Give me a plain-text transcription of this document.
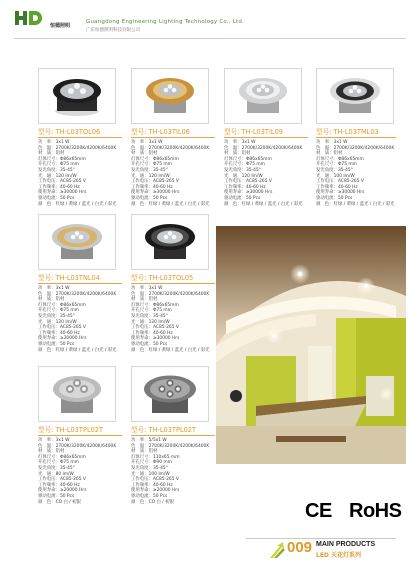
恒德照明
Guangdong Engineering Lighting Technology Co., Ltd.
广东恒德照明科技有限公司
型号: TH-L03TOL06
功　率：3x1 W
色　温：2700K/3200K/4200K/6400K
材　质：铝材
灯体尺寸：Φ86x65mm
开孔尺寸：Φ75 mm
发光角度：35-45°
光　通：120 lm/W
工作电压：AC85-265 V
工作频率：40-60 Hz
使用寿命：≥30000 Hrs
驱动电流：50 Pcs
颜　色：红绿 / 黄绿 / 蓝光 / 白光 / 彩光
型号: TH-L03TIL06
功　率：3x1 W
色　温：2700K/3200K/4200K/6400K
材　质：铝材
灯体尺寸：Φ86x65mm
开孔尺寸：Φ75 mm
发光角度：35-45°
光　通：120 lm/W
工作电压：AC85-265 V
工作频率：40-60 Hz
使用寿命：≥30000 Hrs
驱动电流：50 Pcs
颜　色：红绿 / 黄绿 / 蓝光 / 白光 / 彩光
型号: TH-L03TIL09
功　率：3x1 W
色　温：2700K/3200K/4200K/6400K
材　质：铝材
灯体尺寸：Φ86x65mm
开孔尺寸：Φ75 mm
发光角度：35-45°
光　通：120 lm/W
工作电压：AC85-265 V
工作频率：40-60 Hz
使用寿命：≥30000 Hrs
驱动电流：50 Pcs
颜　色：红绿 / 黄绿 / 蓝光 / 白光 / 彩光
型号: TH-L03TML03
功　率：3x1 W
色　温：2700K/3200K/4200K/6400K
材　质：铝材
灯体尺寸：Φ86x65mm
开孔尺寸：Φ75 mm
发光角度：35-45°
光　通：100 lm/W
工作电压：AC85-265 V
工作频率：40-60 Hz
使用寿命：≥30000 Hrs
驱动电流：50 Pcs
颜　色：红绿 / 黄绿 / 蓝光 / 白光 / 彩光
型号: TH-L03TNL04
功　率：3x1 W
色　温：2700K/3200K/4200K/6400K
材　质：铝材
灯体尺寸：Φ86x65mm
开孔尺寸：Φ75 mm
发光角度：35-45°
光　通：120 lm/W
工作电压：AC85-265 V
工作频率：40-60 Hz
使用寿命：≥30000 Hrs
驱动电流：50 Pcs
颜　色：红绿 / 黄绿 / 蓝光 / 白光 / 彩光
型号: TH-L03TOL05
功　率：3x1 W
色　温：2700K/3200K/4200K/6400K
材　质：铝材
灯体尺寸：Φ86x65mm
开孔尺寸：Φ75 mm
发光角度：35-45°
光　通：120 lm/W
工作电压：AC85-265 V
工作频率：40-60 Hz
使用寿命：≥30000 Hrs
驱动电流：50 Pcs
颜　色：红绿 / 黄绿 / 蓝光 / 白光 / 彩光
型号: TH-L03TPL02T
功　率：3x1 W
色　温：2700K/3200K/4200K/6400K
材　质：铝材
灯体尺寸：Φ86x65mm
开孔尺寸：Φ75 mm
发光角度：35-45°
光　通：80 lm/W
工作电压：AC85-265 V
工作频率：40-60 Hz
使用寿命：≥20000 Hrs
驱动电流：50 Pcs
颜　色：CO 白 / 初银
型号: TH-L03TPL02T
功　率：5/5x1 W
色　温：2700K/3200K/4200K/6400K
材　质：铝材
灯体尺寸：110x65 mm
开孔尺寸：Φ90 mm
发光角度：35-45°
光　通：100 lm/W
工作电压：AC85-265 V
工作频率：40-60 Hz
使用寿命：≥20000 Hrs
驱动电流：50 Pcs
颜　色：CO 白 / 初银	CE RoHS
009 MAIN PRODUCTS
LED 天花灯系列
